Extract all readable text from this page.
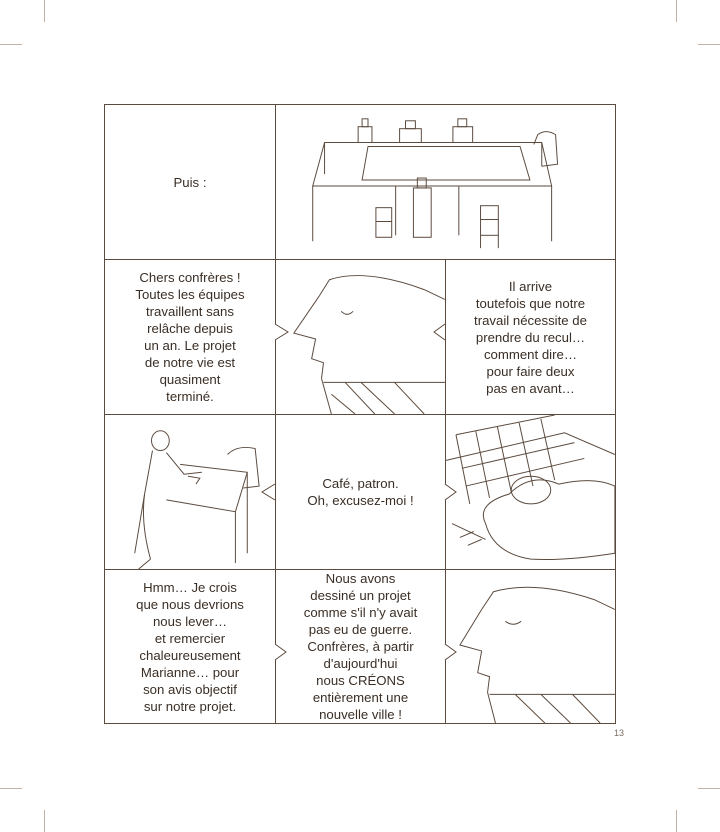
Puis :
Chers confrères !
Toutes les équipes
travaillent sans
relâche depuis
un an. Le projet
de notre vie est
quasiment
terminé.
Il arrive
toutefois que notre
travail nécessite de
prendre du recul…
comment dire…
pour faire deux
pas en avant…
Café, patron.
Oh, excusez-moi !
Hmm… Je crois
que nous devrions
nous lever…
et remercier
chaleureusement
Marianne… pour
son avis objectif
sur notre projet.
Nous avons
dessiné un projet
comme s'il n'y avait
pas eu de guerre.
Confrères, à partir
d'aujourd'hui
nous CRÉONS
entièrement une
nouvelle ville !
13
